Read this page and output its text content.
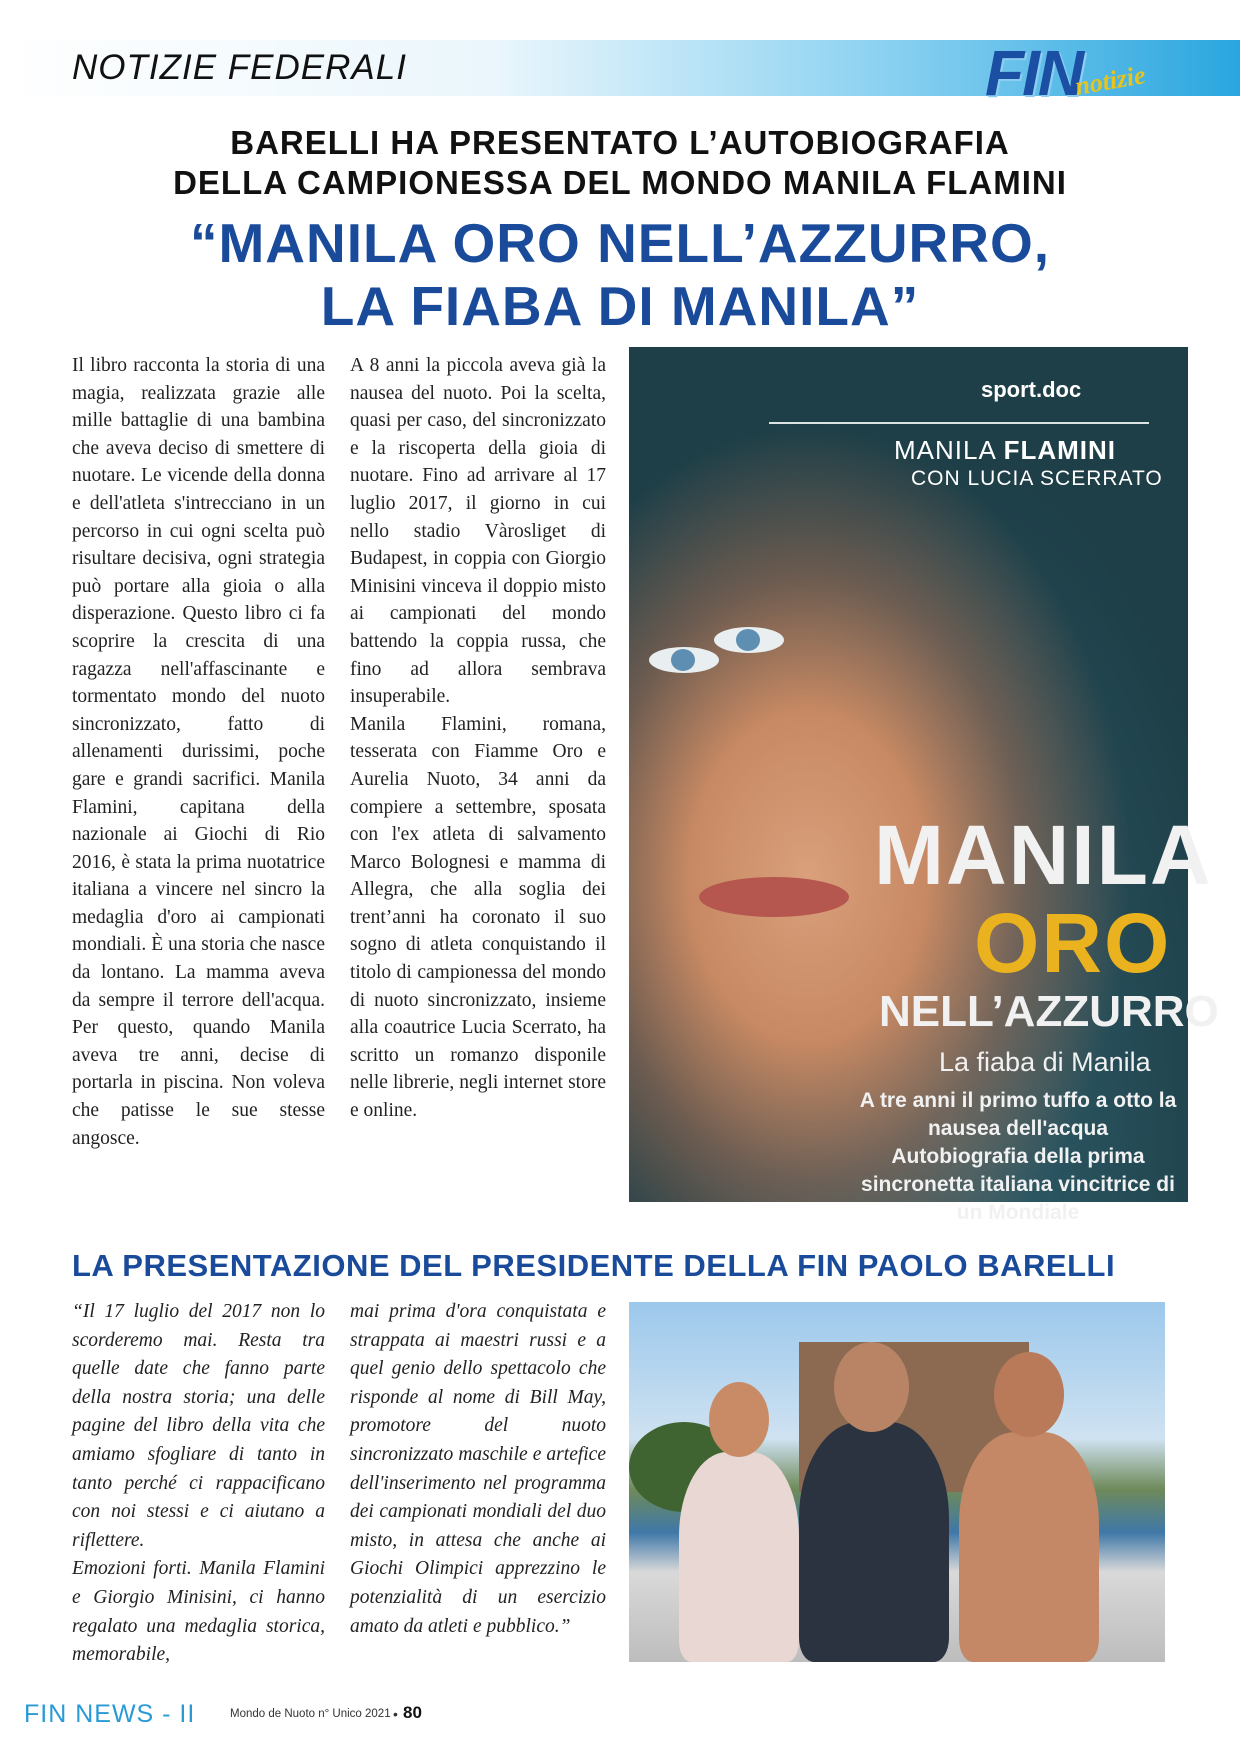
NOTIZIE FEDERALI	FIN
notizie
BARELLI HA PRESENTATO L’AUTOBIOGRAFIA
DELLA CAMPIONESSA DEL MONDO MANILA FLAMINI
“MANILA ORO NELL’AZZURRO,
LA FIABA DI MANILA”

Il libro racconta la storia di una magia, realizzata grazie alle mille battaglie di una bambina che aveva deciso di smettere di nuotare. Le vicende della donna e dell'atleta s'intrecciano in un percorso in cui ogni scelta può risultare decisiva, ogni strategia può portare alla gioia o alla disperazione. Questo libro ci fa scoprire la crescita di una ragazza nell'affascinante e tormentato mondo del nuoto sincronizzato, fatto di allenamenti durissimi, poche gare e grandi sacrifici. Manila Flamini, capitana della nazionale ai Giochi di Rio 2016, è stata la prima nuotatrice italiana a vincere nel sincro la medaglia d'oro ai campionati mondiali. È una storia che nasce da lontano. La mamma aveva da sempre il terrore dell'acqua. Per questo, quando Manila aveva tre anni, decise di portarla in piscina. Non voleva che patisse le sue stesse angosce.

A 8 anni la piccola aveva già la nausea del nuoto. Poi la scelta, quasi per caso, del sincronizzato e la riscoperta della gioia di nuotare. Fino ad arrivare al 17 luglio 2017, il giorno in cui nello stadio Vàrosliget di Budapest, in coppia con Giorgio Minisini vinceva il doppio misto ai campionati del mondo battendo la coppia russa, che fino ad allora sembrava insuperabile.

Manila Flamini, romana, tesserata con Fiamme Oro e Aurelia Nuoto, 34 anni da compiere a settembre, sposata con l'ex atleta di salvamento Marco Bolognesi e mamma di Allegra, che alla soglia dei trent’anni ha coronato il suo sogno di atleta conquistando il titolo di campionessa del mondo di nuoto sincronizzato, insieme alla coautrice Lucia Scerrato, ha scritto un romanzo disponile nelle librerie, negli internet store e online.

sport.doc
MANILA FLAMINI
CON LUCIA SCERRATO
MANILA
ORO
NELL’AZZURRO
La fiaba di Manila
A tre anni il primo tuffo a otto la nausea dell'acqua Autobiografia della prima sincronetta italiana vincitrice di un Mondiale
LA PRESENTAZIONE DEL PRESIDENTE DELLA FIN PAOLO BARELLI

“Il 17 luglio del 2017 non lo scorderemo mai. Resta tra quelle date che fanno parte della nostra storia; una delle pagine del libro della vita che amiamo sfogliare di tanto in tanto perché ci rappacificano con noi stessi e ci aiutano a riflettere.

Emozioni forti. Manila Flamini e Giorgio Minisini, ci hanno regalato una medaglia storica, memorabile,

mai prima d'ora conquistata e strappata ai maestri russi e a quel genio dello spettacolo che risponde al nome di Bill May, promotore del nuoto sincronizzato maschile e artefice dell'inserimento nel programma dei campionati mondiali del duo misto, in attesa che anche ai Giochi Olimpici apprezzino le potenzialità di un esercizio amato da atleti e pubblico.”

FIN NEWS - II	Mondo de Nuoto n° Unico 2021 • 80
